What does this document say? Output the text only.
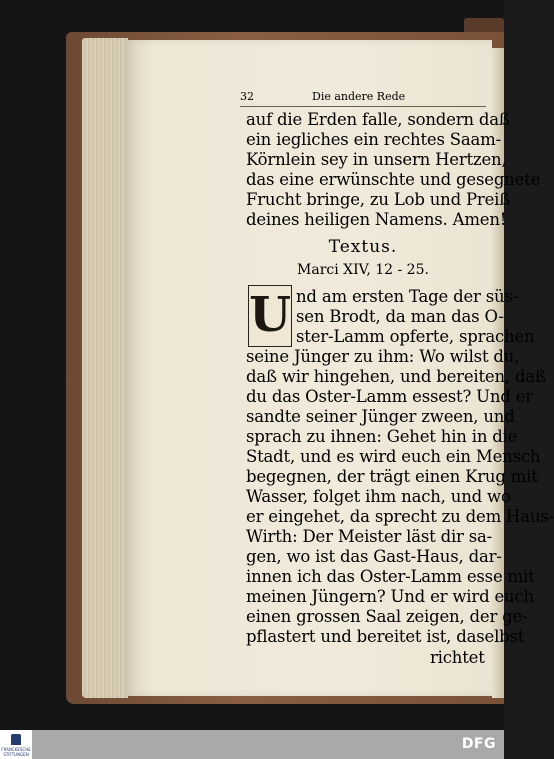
32	Die andere Rede
auf die Erden falle, sondern daß
ein iegliches ein rechtes Saam-
Körnlein sey in unsern Hertzen,
das eine erwünschte und gesegnete
Frucht bringe, zu Lob und Preiß
deines heiligen Namens. Amen!
Textus.
Marci XIV, 12 - 25.
U nd am ersten Tage der süs-
sen Brodt, da man das O-
ster-Lamm opferte, sprachen
seine Jünger zu ihm: Wo wilst du,
daß wir hingehen, und bereiten, daß
du das Oster-Lamm essest? Und er
sandte seiner Jünger zween, und
sprach zu ihnen: Gehet hin in die
Stadt, und es wird euch ein Mensch
begegnen, der trägt einen Krug mit
Wasser, folget ihm nach, und wo
er eingehet, da sprecht zu dem Haus-
Wirth: Der Meister läst dir sa-
gen, wo ist das Gast-Haus, dar-
innen ich das Oster-Lamm esse mit
meinen Jüngern? Und er wird euch
einen grossen Saal zeigen, der ge-
pflastert und bereitet ist, daselbst
richtet
FRANCKESCHE STIFTUNGEN
DFG
